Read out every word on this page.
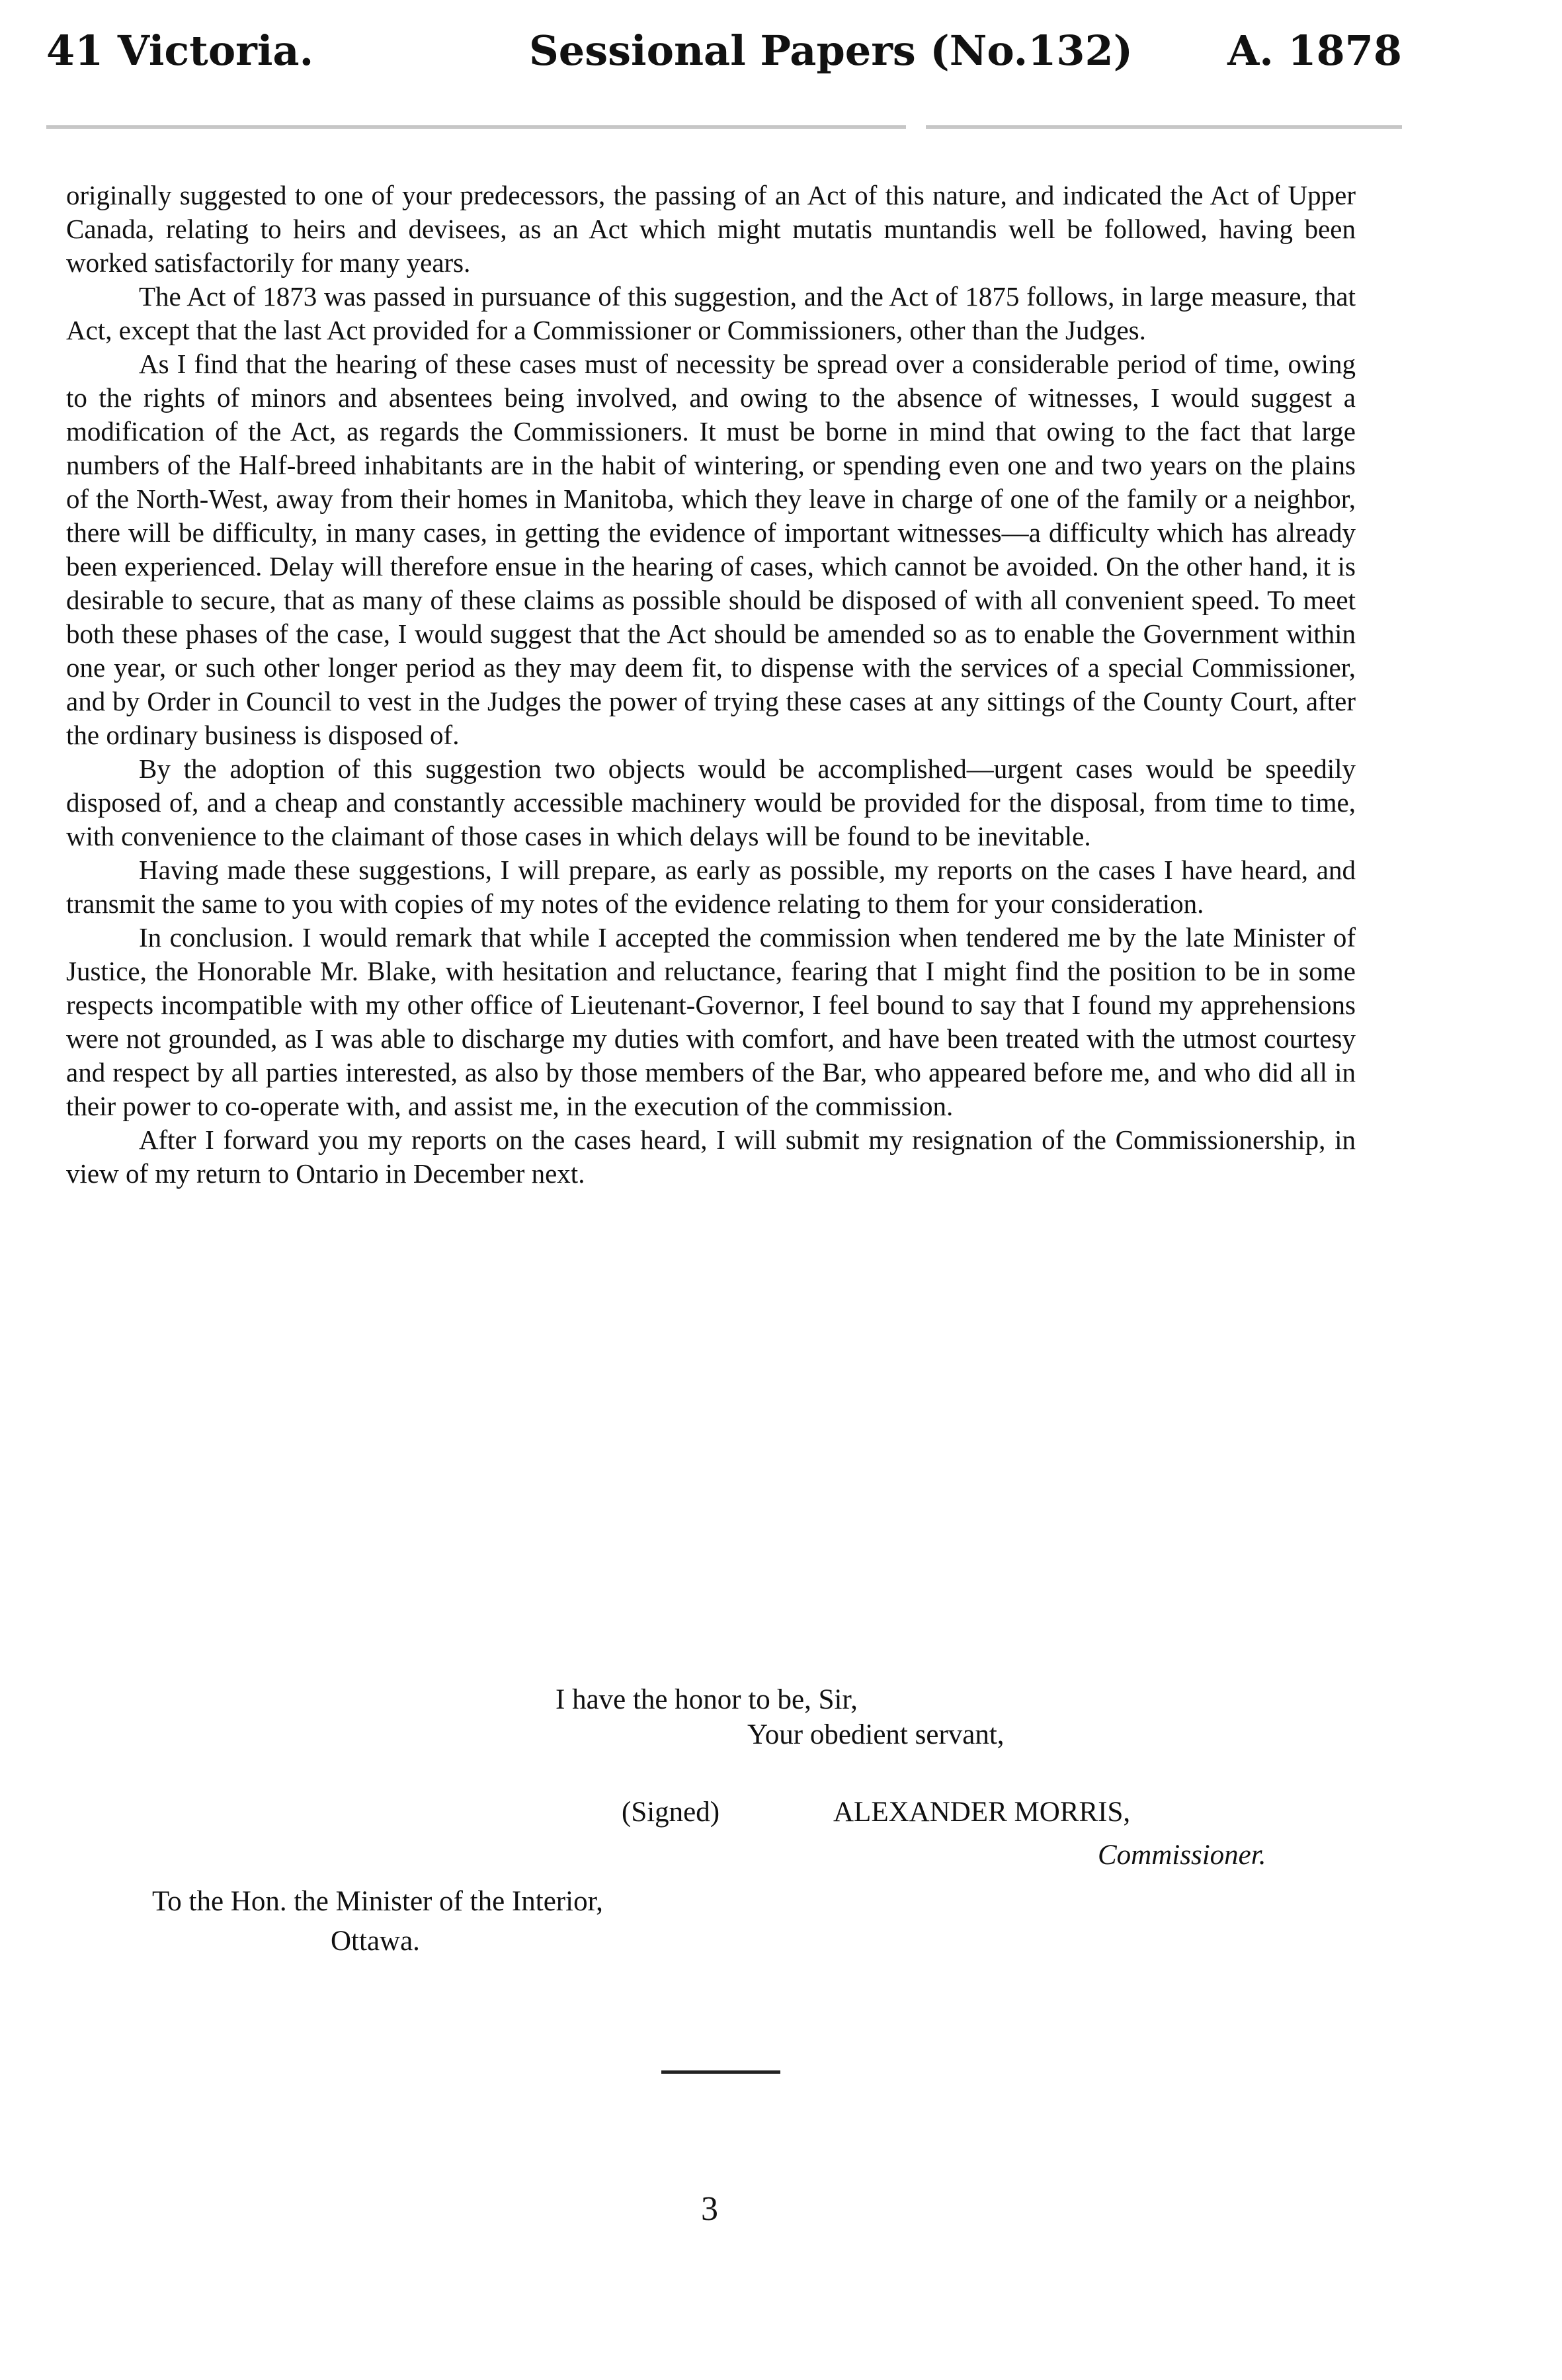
41 Victoria.	Sessional Papers (No.132) A. 1878

originally suggested to one of your predecessors, the passing of an Act of this nature, and indicated the Act of Upper Canada, relating to heirs and devisees, as an Act which might mutatis muntandis well be followed, having been worked satisfactorily for many years.

The Act of 1873 was passed in pursuance of this suggestion, and the Act of 1875 follows, in large measure, that Act, except that the last Act provided for a Commissioner or Commissioners, other than the Judges.

As I find that the hearing of these cases must of necessity be spread over a considerable period of time, owing to the rights of minors and absentees being involved, and owing to the absence of witnesses, I would suggest a modification of the Act, as regards the Commissioners. It must be borne in mind that owing to the fact that large numbers of the Half-breed inhabitants are in the habit of wintering, or spending even one and two years on the plains of the North-West, away from their homes in Manitoba, which they leave in charge of one of the family or a neighbor, there will be difficulty, in many cases, in getting the evidence of important witnesses—a difficulty which has already been experienced. Delay will therefore ensue in the hearing of cases, which cannot be avoided. On the other hand, it is desirable to secure, that as many of these claims as possible should be disposed of with all convenient speed. To meet both these phases of the case, I would suggest that the Act should be amended so as to enable the Government within one year, or such other longer period as they may deem fit, to dispense with the services of a special Commissioner, and by Order in Council to vest in the Judges the power of trying these cases at any sittings of the County Court, after the ordinary business is disposed of.

By the adoption of this suggestion two objects would be accomplished—urgent cases would be speedily disposed of, and a cheap and constantly accessible machinery would be provided for the disposal, from time to time, with convenience to the claimant of those cases in which delays will be found to be inevitable.

Having made these suggestions, I will prepare, as early as possible, my reports on the cases I have heard, and transmit the same to you with copies of my notes of the evidence relating to them for your consideration.

In conclusion. I would remark that while I accepted the commission when tendered me by the late Minister of Justice, the Honorable Mr. Blake, with hesitation and reluctance, fearing that I might find the position to be in some respects incompatible with my other office of Lieutenant-Governor, I feel bound to say that I found my apprehensions were not grounded, as I was able to discharge my duties with comfort, and have been treated with the utmost courtesy and respect by all parties interested, as also by those members of the Bar, who appeared before me, and who did all in their power to co-operate with, and assist me, in the execution of the commission.

After I forward you my reports on the cases heard, I will submit my resignation of the Commissionership, in view of my return to Ontario in December next.

I have the honor to be, Sir,
Your obedient servant,
(Signed)	ALEXANDER MORRIS,
Commissioner.
To the Hon. the Minister of the Interior,
Ottawa.
3
